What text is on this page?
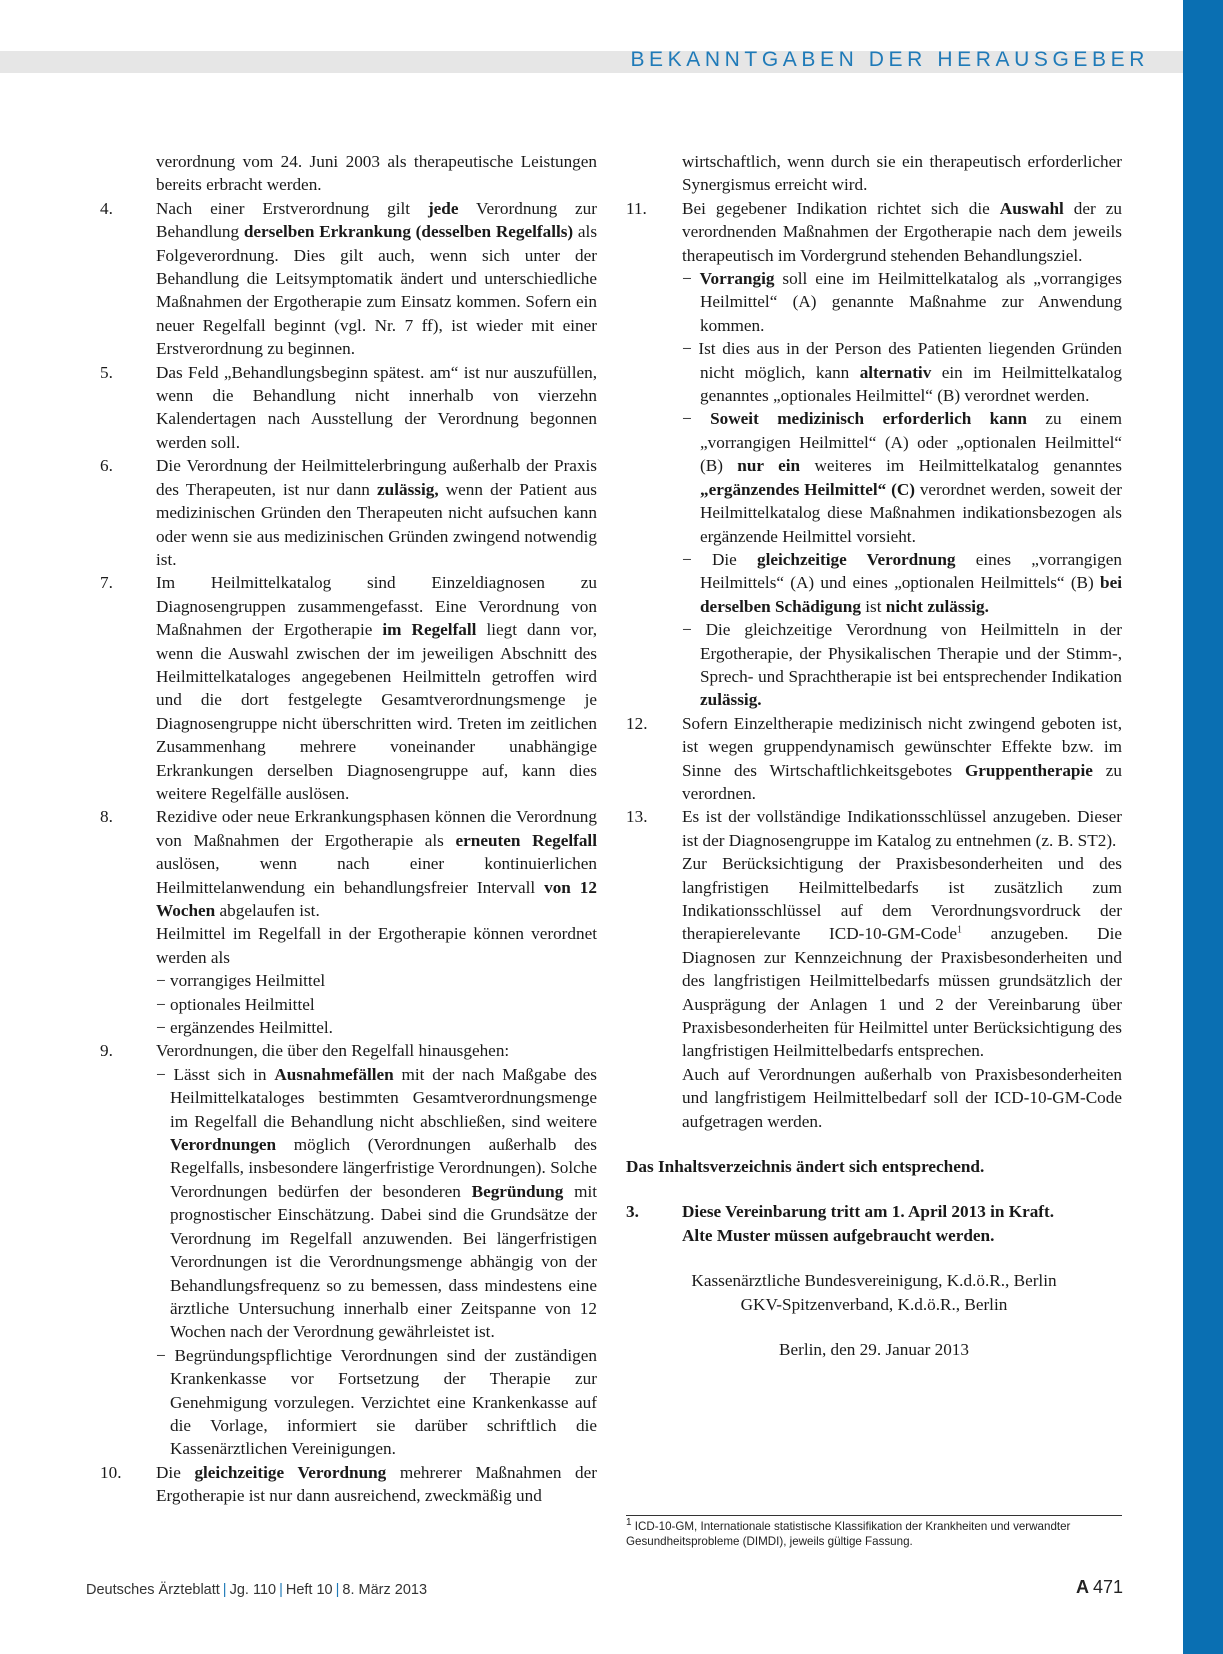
BEKANNTGABEN DER HERAUSGEBER

verordnung vom 24. Juni 2003 als therapeutische Leistungen bereits erbracht werden.

4.	Nach einer Erstverordnung gilt jede Verordnung zur Behandlung derselben Erkrankung (desselben Regelfalls) als Folgeverordnung. Dies gilt auch, wenn sich unter der Behandlung die Leitsymptomatik ändert und unterschiedliche Maßnahmen der Ergotherapie zum Einsatz kommen. Sofern ein neuer Regelfall beginnt (vgl. Nr. 7 ff), ist wieder mit einer Erstverordnung zu beginnen.

5.	Das Feld „Behandlungsbeginn spätest. am“ ist nur auszufüllen, wenn die Behandlung nicht innerhalb von vierzehn Kalendertagen nach Ausstellung der Verordnung begonnen werden soll.

6.	Die Verordnung der Heilmittelerbringung außerhalb der Praxis des Therapeuten, ist nur dann zulässig, wenn der Patient aus medizinischen Gründen den Therapeuten nicht aufsuchen kann oder wenn sie aus medizinischen Gründen zwingend notwendig ist.

7.	Im Heilmittelkatalog sind Einzeldiagnosen zu Diagnosengruppen zusammengefasst. Eine Verordnung von Maßnahmen der Ergotherapie im Regelfall liegt dann vor, wenn die Auswahl zwischen der im jeweiligen Abschnitt des Heilmittelkataloges angegebenen Heilmitteln getroffen wird und die dort festgelegte Gesamtverordnungsmenge je Diagnosengruppe nicht überschritten wird. Treten im zeitlichen Zusammenhang mehrere voneinander unabhängige Erkrankungen derselben Diagnosengruppe auf, kann dies weitere Regelfälle auslösen.

8.	Rezidive oder neue Erkrankungsphasen können die Verordnung von Maßnahmen der Ergotherapie als erneuten Regelfall auslösen, wenn nach einer kontinuierlichen Heilmittelanwendung ein behandlungsfreier Intervall von 12 Wochen abgelaufen ist.

Heilmittel im Regelfall in der Ergotherapie können verordnet werden als

− vorrangiges Heilmittel

− optionales Heilmittel

− ergänzendes Heilmittel.

9.	Verordnungen, die über den Regelfall hinausgehen:

− Lässt sich in Ausnahmefällen mit der nach Maßgabe des Heilmittelkataloges bestimmten Gesamtverordnungsmenge im Regelfall die Behandlung nicht abschließen, sind weitere Verordnungen möglich (Verordnungen außerhalb des Regelfalls, insbesondere längerfristige Verordnungen). Solche Verordnungen bedürfen der besonderen Begründung mit prognostischer Einschätzung. Dabei sind die Grundsätze der Verordnung im Regelfall anzuwenden. Bei längerfristigen Verordnungen ist die Verordnungsmenge abhängig von der Behandlungsfrequenz so zu bemessen, dass mindestens eine ärztliche Untersuchung innerhalb einer Zeitspanne von 12 Wochen nach der Verordnung gewährleistet ist.

− Begründungspflichtige Verordnungen sind der zuständigen Krankenkasse vor Fortsetzung der Therapie zur Genehmigung vorzulegen. Verzichtet eine Krankenkasse auf die Vorlage, informiert sie darüber schriftlich die Kassenärztlichen Vereinigungen.

10. Die gleichzeitige Verordnung mehrerer Maßnahmen der Ergotherapie ist nur dann ausreichend, zweckmäßig und

wirtschaftlich, wenn durch sie ein therapeutisch erforderlicher Synergismus erreicht wird.

11. Bei gegebener Indikation richtet sich die Auswahl der zu verordnenden Maßnahmen der Ergotherapie nach dem jeweils therapeutisch im Vordergrund stehenden Behandlungsziel.

− Vorrangig soll eine im Heilmittelkatalog als „vorrangiges Heilmittel“ (A) genannte Maßnahme zur Anwendung kommen.

− Ist dies aus in der Person des Patienten liegenden Gründen nicht möglich, kann alternativ ein im Heilmittelkatalog genanntes „optionales Heilmittel“ (B) verordnet werden.

− Soweit medizinisch erforderlich kann zu einem „vorrangigen Heilmittel“ (A) oder „optionalen Heilmittel“ (B) nur ein weiteres im Heilmittelkatalog genanntes „ergänzendes Heilmittel“ (C) verordnet werden, soweit der Heilmittelkatalog diese Maßnahmen indikationsbezogen als ergänzende Heilmittel vorsieht.

− Die gleichzeitige Verordnung eines „vorrangigen Heilmittels“ (A) und eines „optionalen Heilmittels“ (B) bei derselben Schädigung ist nicht zulässig.

− Die gleichzeitige Verordnung von Heilmitteln in der Ergotherapie, der Physikalischen Therapie und der Stimm-, Sprech- und Sprachtherapie ist bei entsprechender Indikation zulässig.

12. Sofern Einzeltherapie medizinisch nicht zwingend geboten ist, ist wegen gruppendynamisch gewünschter Effekte bzw. im Sinne des Wirtschaftlichkeitsgebotes Gruppentherapie zu verordnen.

13. Es ist der vollständige Indikationsschlüssel anzugeben. Dieser ist der Diagnosengruppe im Katalog zu entnehmen (z. B. ST2).

Zur Berücksichtigung der Praxisbesonderheiten und des langfristigen Heilmittelbedarfs ist zusätzlich zum Indikationsschlüssel auf dem Verordnungsvordruck der therapierelevante ICD-10-GM-Code$^1$ anzugeben. Die Diagnosen zur Kennzeichnung der Praxisbesonderheiten und des langfristigen Heilmittelbedarfs müssen grundsätzlich der Ausprägung der Anlagen 1 und 2 der Vereinbarung über Praxisbesonderheiten für Heilmittel unter Berücksichtigung des langfristigen Heilmittelbedarfs entsprechen.

Auch auf Verordnungen außerhalb von Praxisbesonderheiten und langfristigem Heilmittelbedarf soll der ICD-10-GM-Code aufgetragen werden.

Das Inhaltsverzeichnis ändert sich entsprechend.

3.	Diese Vereinbarung tritt am 1. April 2013 in Kraft.

Alte Muster müssen aufgebraucht werden.

Kassenärztliche Bundesvereinigung, K.d.ö.R., Berlin

GKV-Spitzenverband, K.d.ö.R., Berlin

Berlin, den 29. Januar 2013

$^1$ ICD-10-GM, Internationale statistische Klassifikation der Krankheiten und verwandter Gesundheitsprobleme (DIMDI), jeweils gültige Fassung.
Deutsches Ärzteblatt | Jg. 110 | Heft 10 | 8. März 2013	A 471
